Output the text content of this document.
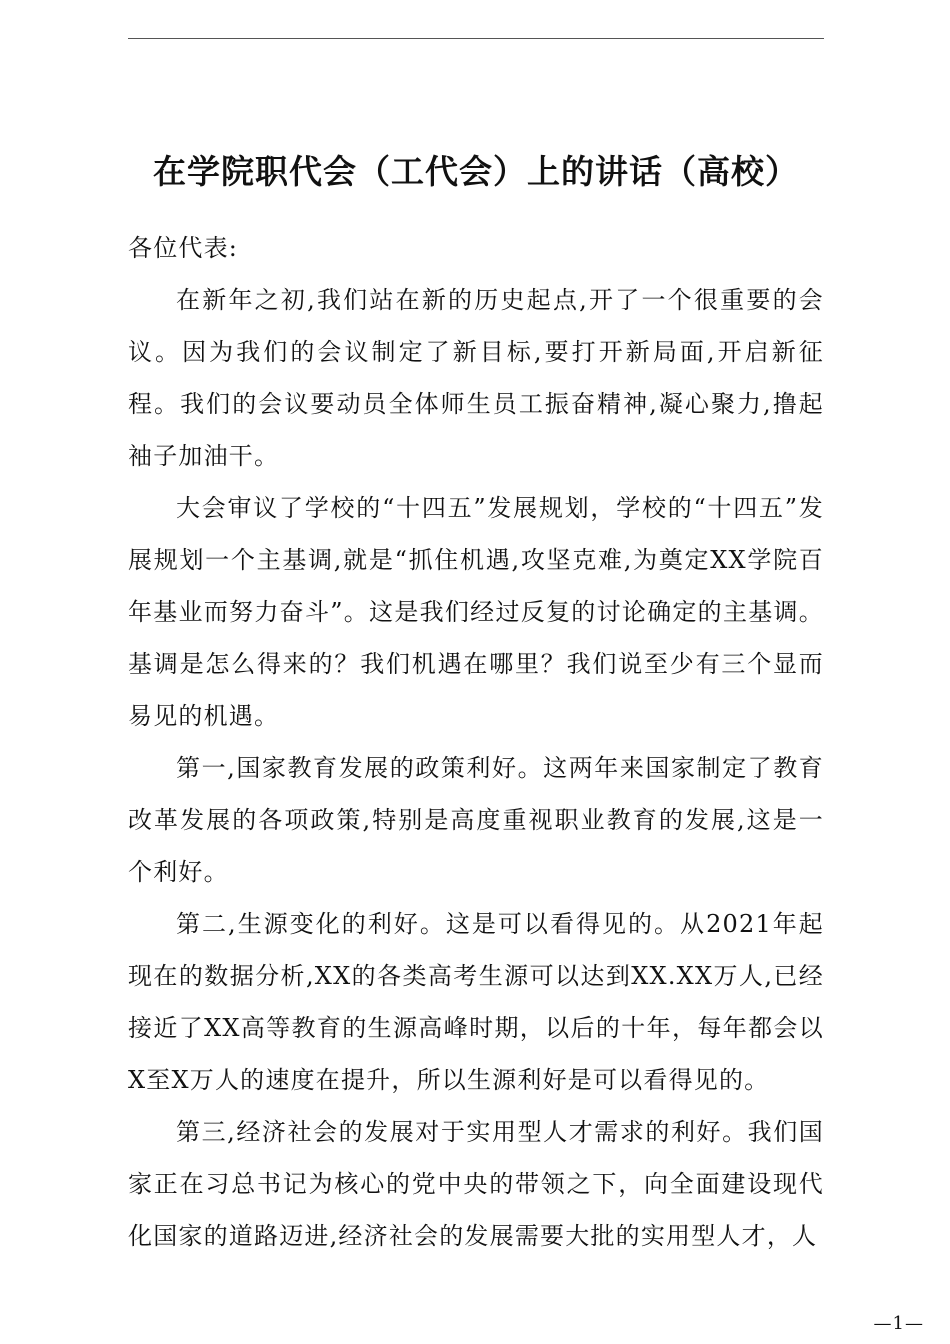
在学院职代会（工代会）上的讲话（高校）

各位代表:

在新年之初,我们站在新的历史起点,开了一个很重要的会议。因为我们的会议制定了新目标,要打开新局面,开启新征程。我们的会议要动员全体师生员工振奋精神,凝心聚力,撸起袖子加油干。

大会审议了学校的“十四五”发展规划，学校的“十四五”发展规划一个主基调,就是“抓住机遇,攻坚克难,为奠定XX学院百年基业而努力奋斗”。这是我们经过反复的讨论确定的主基调。基调是怎么得来的？我们机遇在哪里？我们说至少有三个显而易见的机遇。

第一,国家教育发展的政策利好。这两年来国家制定了教育改革发展的各项政策,特别是高度重视职业教育的发展,这是一个利好。

第二,生源变化的利好。这是可以看得见的。从2021年起现在的数据分析,XX的各类高考生源可以达到XX.XX万人,已经接近了XX高等教育的生源高峰时期，以后的十年，每年都会以X至X万人的速度在提升，所以生源利好是可以看得见的。

第三,经济社会的发展对于实用型人才需求的利好。我们国家正在习总书记为核心的党中央的带领之下，向全面建设现代化国家的道路迈进,经济社会的发展需要大批的实用型人才，人

—1—
